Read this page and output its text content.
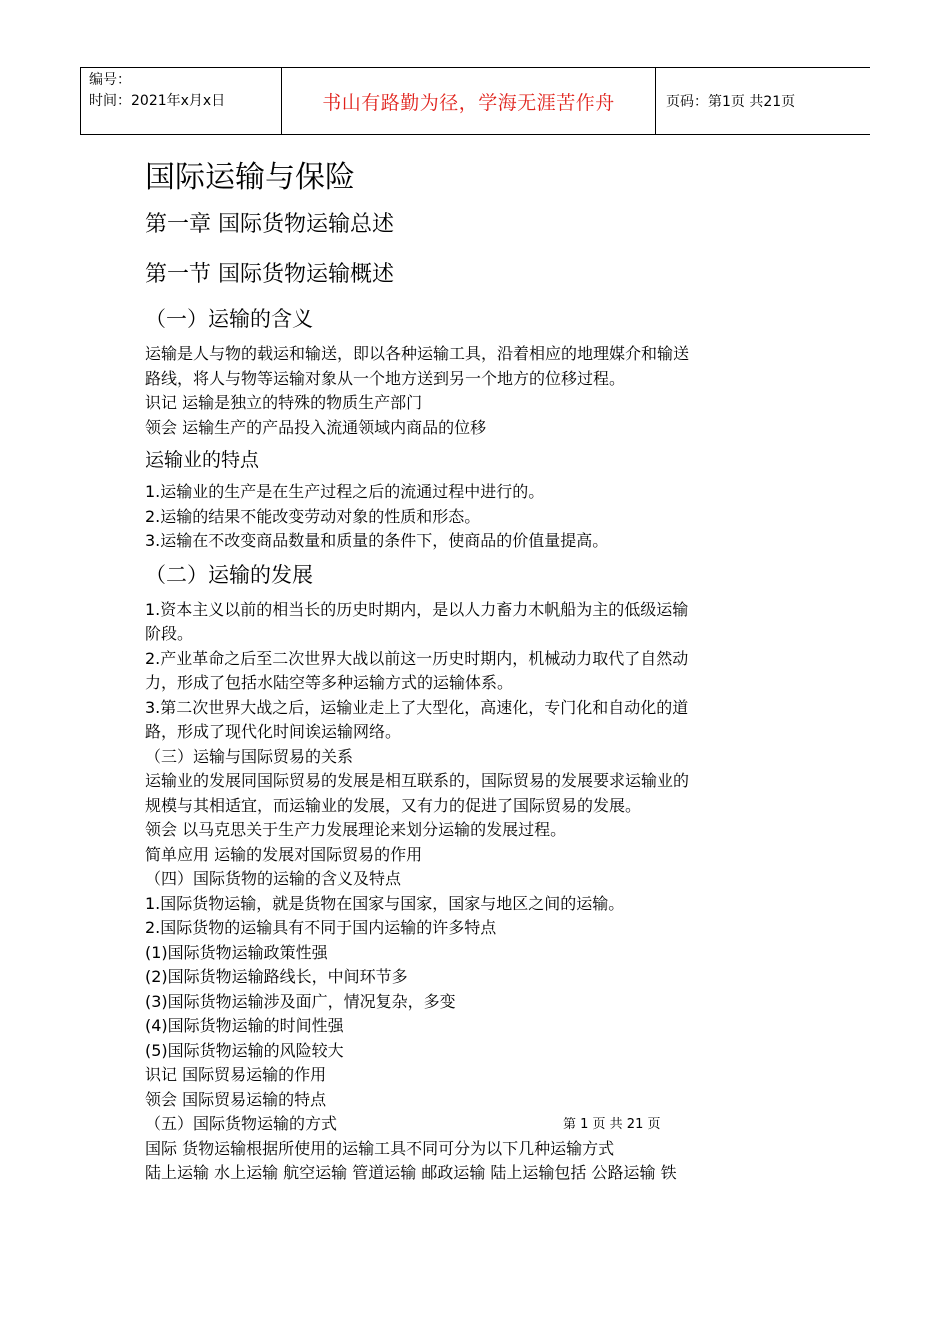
编号：
时间：2021年x月x日	书山有路勤为径，学海无涯苦作舟	页码：第1页 共21页
国际运输与保险
第一章 国际货物运输总述
第一节 国际货物运输概述
（一）运输的含义

运输是人与物的载运和输送，即以各种运输工具，沿着相应的地理媒介和输送

路线，将人与物等运输对象从一个地方送到另一个地方的位移过程。

识记 运输是独立的特殊的物质生产部门

领会 运输生产的产品投入流通领域内商品的位移

运输业的特点

1.运输业的生产是在生产过程之后的流通过程中进行的。

2.运输的结果不能改变劳动对象的性质和形态。

3.运输在不改变商品数量和质量的条件下，使商品的价值量提高。

（二）运输的发展

1.资本主义以前的相当长的历史时期内，是以人力畜力木帆船为主的低级运输

阶段。

2.产业革命之后至二次世界大战以前这一历史时期内，机械动力取代了自然动

力，形成了包括水陆空等多种运输方式的运输体系。

3.第二次世界大战之后，运输业走上了大型化，高速化，专门化和自动化的道

路，形成了现代化时间诶运输网络。

（三）运输与国际贸易的关系

运输业的发展同国际贸易的发展是相互联系的，国际贸易的发展要求运输业的

规模与其相适宜，而运输业的发展，又有力的促进了国际贸易的发展。

领会 以马克思关于生产力发展理论来划分运输的发展过程。

简单应用 运输的发展对国际贸易的作用

（四）国际货物的运输的含义及特点

1.国际货物运输，就是货物在国家与国家，国家与地区之间的运输。

2.国际货物的运输具有不同于国内运输的许多特点

(1)国际货物运输政策性强

(2)国际货物运输路线长，中间环节多

(3)国际货物运输涉及面广，情况复杂，多变

(4)国际货物运输的时间性强

(5)国际货物运输的风险较大

识记 国际贸易运输的作用

领会 国际贸易运输的特点

（五）国际货物运输的方式

国际 货物运输根据所使用的运输工具不同可分为以下几种运输方式

陆上运输 水上运输 航空运输 管道运输 邮政运输 陆上运输包括 公路运输 铁

第 1 页 共 21 页
